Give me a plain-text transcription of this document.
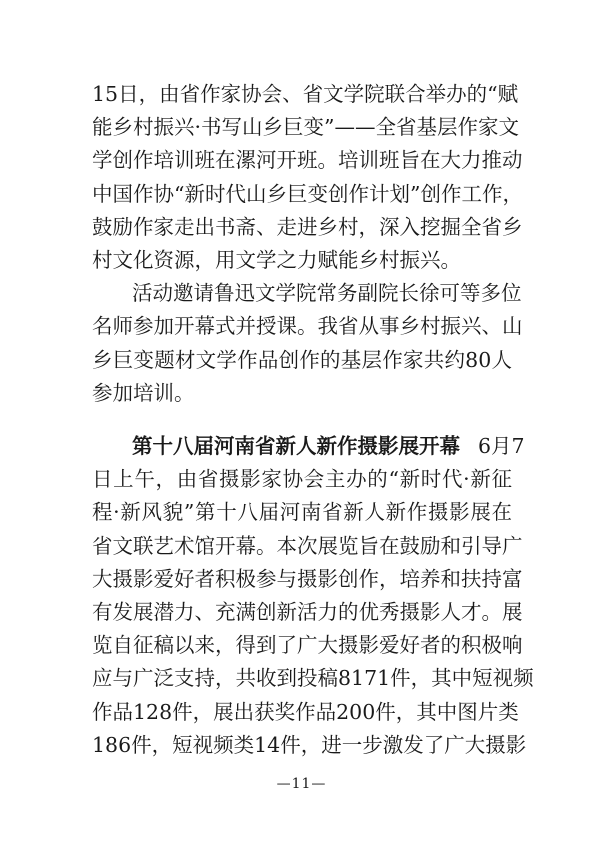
15日，由省作家协会、省文学院联合举办的“赋
能乡村振兴·书写山乡巨变”——全省基层作家文
学创作培训班在漯河开班。培训班旨在大力推动
中国作协“新时代山乡巨变创作计划”创作工作，
鼓励作家走出书斋、走进乡村，深入挖掘全省乡
村文化资源，用文学之力赋能乡村振兴。
活动邀请鲁迅文学院常务副院长徐可等多位
名师参加开幕式并授课。我省从事乡村振兴、山
乡巨变题材文学作品创作的基层作家共约80人
参加培训。
第十八届河南省新人新作摄影展开幕 6月7
日上午，由省摄影家协会主办的“新时代·新征
程·新风貌”第十八届河南省新人新作摄影展在
省文联艺术馆开幕。本次展览旨在鼓励和引导广
大摄影爱好者积极参与摄影创作，培养和扶持富
有发展潜力、充满创新活力的优秀摄影人才。展
览自征稿以来，得到了广大摄影爱好者的积极响
应与广泛支持，共收到投稿8171件，其中短视频
作品128件，展出获奖作品200件，其中图片类
186件，短视频类14件，进一步激发了广大摄影
—11—
